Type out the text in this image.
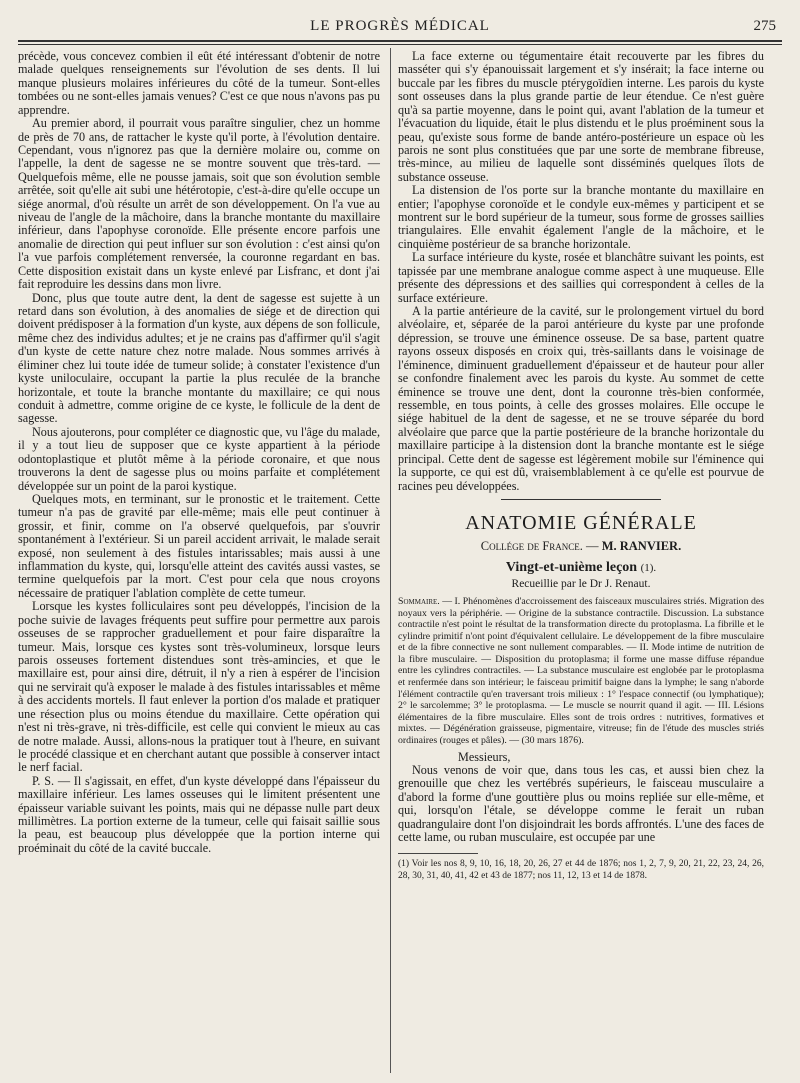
LE PROGRÈS MÉDICAL	275

précède, vous concevez combien il eût été intéressant d'obtenir de notre malade quelques renseignements sur l'évolution de ses dents. Il lui manque plusieurs molaires inférieures du côté de la tumeur. Sont-elles tombées ou ne sont-elles jamais venues? C'est ce que nous n'avons pas pu apprendre.

Au premier abord, il pourrait vous paraître singulier, chez un homme de près de 70 ans, de rattacher le kyste qu'il porte, à l'évolution dentaire. Cependant, vous n'ignorez pas que la dernière molaire ou, comme on l'appelle, la dent de sagesse ne se montre souvent que très-tard. — Quelquefois même, elle ne pousse jamais, soit que son évolution semble arrêtée, soit qu'elle ait subi une hétérotopie, c'est-à-dire qu'elle occupe un siége anormal, d'où résulte un arrêt de son développement. On l'a vue au niveau de l'angle de la mâchoire, dans la branche montante du maxillaire inférieur, dans l'apophyse coronoïde. Elle présente encore parfois une anomalie de direction qui peut influer sur son évolution : c'est ainsi qu'on l'a vue parfois complétement renversée, la couronne regardant en bas. Cette disposition existait dans un kyste enlevé par Lisfranc, et dont j'ai fait reproduire les dessins dans mon livre.

Donc, plus que toute autre dent, la dent de sagesse est sujette à un retard dans son évolution, à des anomalies de siége et de direction qui doivent prédisposer à la formation d'un kyste, aux dépens de son follicule, même chez des individus adultes; et je ne crains pas d'affirmer qu'il s'agit d'un kyste de cette nature chez notre malade. Nous sommes arrivés à éliminer chez lui toute idée de tumeur solide; à constater l'existence d'un kyste uniloculaire, occupant la partie la plus reculée de la branche horizontale, et toute la branche montante du maxillaire; ce qui nous conduit à admettre, comme origine de ce kyste, le follicule de la dent de sagesse.

Nous ajouterons, pour compléter ce diagnostic que, vu l'âge du malade, il y a tout lieu de supposer que ce kyste appartient à la période odontoplastique et plutôt même à la période coronaire, et que nous trouverons la dent de sagesse plus ou moins parfaite et complétement développée sur un point de la paroi kystique.

Quelques mots, en terminant, sur le pronostic et le traitement. Cette tumeur n'a pas de gravité par elle-même; mais elle peut continuer à grossir, et finir, comme on l'a observé quelquefois, par s'ouvrir spontanément à l'extérieur. Si un pareil accident arrivait, le malade serait exposé, non seulement à des fistules intarissables; mais aussi à une inflammation du kyste, qui, lorsqu'elle atteint des cavités aussi vastes, se termine quelquefois par la mort. C'est pour cela que nous croyons nécessaire de pratiquer l'ablation complète de cette tumeur.

Lorsque les kystes folliculaires sont peu développés, l'incision de la poche suivie de lavages fréquents peut suffire pour permettre aux parois osseuses de se rapprocher graduellement et pour faire disparaître la tumeur. Mais, lorsque ces kystes sont très-volumineux, lorsque leurs parois osseuses fortement distendues sont très-amincies, et que le maxillaire est, pour ainsi dire, détruit, il n'y a rien à espérer de l'incision qui ne servirait qu'à exposer le malade à des fistules intarissables et même à des accidents mortels. Il faut enlever la portion d'os malade et pratiquer une résection plus ou moins étendue du maxillaire. Cette opération qui n'est ni très-grave, ni très-difficile, est celle qui convient le mieux au cas de notre malade. Aussi, allons-nous la pratiquer tout à l'heure, en suivant le procédé classique et en cherchant autant que possible à conserver intact le nerf facial.

P. S. — Il s'agissait, en effet, d'un kyste développé dans l'épaisseur du maxillaire inférieur. Les lames osseuses qui le limitent présentent une épaisseur variable suivant les points, mais qui ne dépasse nulle part deux millimètres. La portion externe de la tumeur, celle qui faisait saillie sous la peau, est beaucoup plus développée que la portion interne qui proéminait du côté de la cavité buccale.

La face externe ou tégumentaire était recouverte par les fibres du masséter qui s'y épanouissait largement et s'y insérait; la face interne ou buccale par les fibres du muscle ptérygoïdien interne. Les parois du kyste sont osseuses dans la plus grande partie de leur étendue. Ce n'est guère qu'à sa partie moyenne, dans le point qui, avant l'ablation de la tumeur et l'évacuation du liquide, était le plus distendu et le plus proéminent sous la peau, qu'existe sous forme de bande antéro-postérieure un espace où les parois ne sont plus constituées que par une sorte de membrane fibreuse, très-mince, au milieu de laquelle sont disséminés quelques îlots de substance osseuse.

La distension de l'os porte sur la branche montante du maxillaire en entier; l'apophyse coronoïde et le condyle eux-mêmes y participent et se montrent sur le bord supérieur de la tumeur, sous forme de grosses saillies triangulaires. Elle envahit également l'angle de la mâchoire, et le cinquième postérieur de sa branche horizontale.

La surface intérieure du kyste, rosée et blanchâtre suivant les points, est tapissée par une membrane analogue comme aspect à une muqueuse. Elle présente des dépressions et des saillies qui correspondent à celles de la surface extérieure.

A la partie antérieure de la cavité, sur le prolongement virtuel du bord alvéolaire, et, séparée de la paroi antérieure du kyste par une profonde dépression, se trouve une éminence osseuse. De sa base, partent quatre rayons osseux disposés en croix qui, très-saillants dans le voisinage de l'éminence, diminuent graduellement d'épaisseur et de hauteur pour aller se confondre finalement avec les parois du kyste. Au sommet de cette éminence se trouve une dent, dont la couronne très-bien conformée, ressemble, en tous points, à celle des grosses molaires. Elle occupe le siége habituel de la dent de sagesse, et ne se trouve séparée du bord alvéolaire que parce que la partie postérieure de la branche horizontale du maxillaire participe à la distension dont la branche montante est le siége principal. Cette dent de sagesse est légèrement mobile sur l'éminence qui la supporte, ce qui est dû, vraisemblablement à ce qu'elle est pourvue de racines peu développées.

ANATOMIE GÉNÉRALE
Collége de France. — M. RANVIER.
Vingt-et-unième leçon (1).
Recueillie par le Dr J. Renaut.

Sommaire. — I. Phénomènes d'accroissement des faisceaux musculaires striés. Migration des noyaux vers la périphérie. — Origine de la substance contractile. Discussion. La substance contractile n'est point le résultat de la transformation directe du protoplasma. La fibrille et le cylindre primitif n'ont point d'équivalent cellulaire. Le développement de la fibre musculaire et de la fibre connective ne sont nullement comparables. — II. Mode intime de nutrition de la fibre musculaire. — Disposition du protoplasma; il forme une masse diffuse répandue entre les cylindres contractiles. — La substance musculaire est englobée par le protoplasma et renfermée dans son intérieur; le faisceau primitif baigne dans la lymphe; le sang n'aborde l'élément contractile qu'en traversant trois milieux : 1° l'espace connectif (ou lymphatique); 2° le sarcolemme; 3° le protoplasma. — Le muscle se nourrit quand il agit. — III. Lésions élémentaires de la fibre musculaire. Elles sont de trois ordres : nutritives, formatives et mixtes. — Dégénération graisseuse, pigmentaire, vitreuse; fin de l'étude des muscles striés ordinaires (rouges et pâles). — (30 mars 1876).

Messieurs,

Nous venons de voir que, dans tous les cas, et aussi bien chez la grenouille que chez les vertébrés supérieurs, le faisceau musculaire a d'abord la forme d'une gouttière plus ou moins repliée sur elle-même, et qui, lorsqu'on l'étale, se développe comme le ferait un ruban quadrangulaire dont l'on disjoindrait les bords affrontés. L'une des faces de cette lame, ou ruban musculaire, est occupée par une

(1) Voir les nos 8, 9, 10, 16, 18, 20, 26, 27 et 44 de 1876; nos 1, 2, 7, 9, 20, 21, 22, 23, 24, 26, 28, 30, 31, 40, 41, 42 et 43 de 1877; nos 11, 12, 13 et 14 de 1878.
